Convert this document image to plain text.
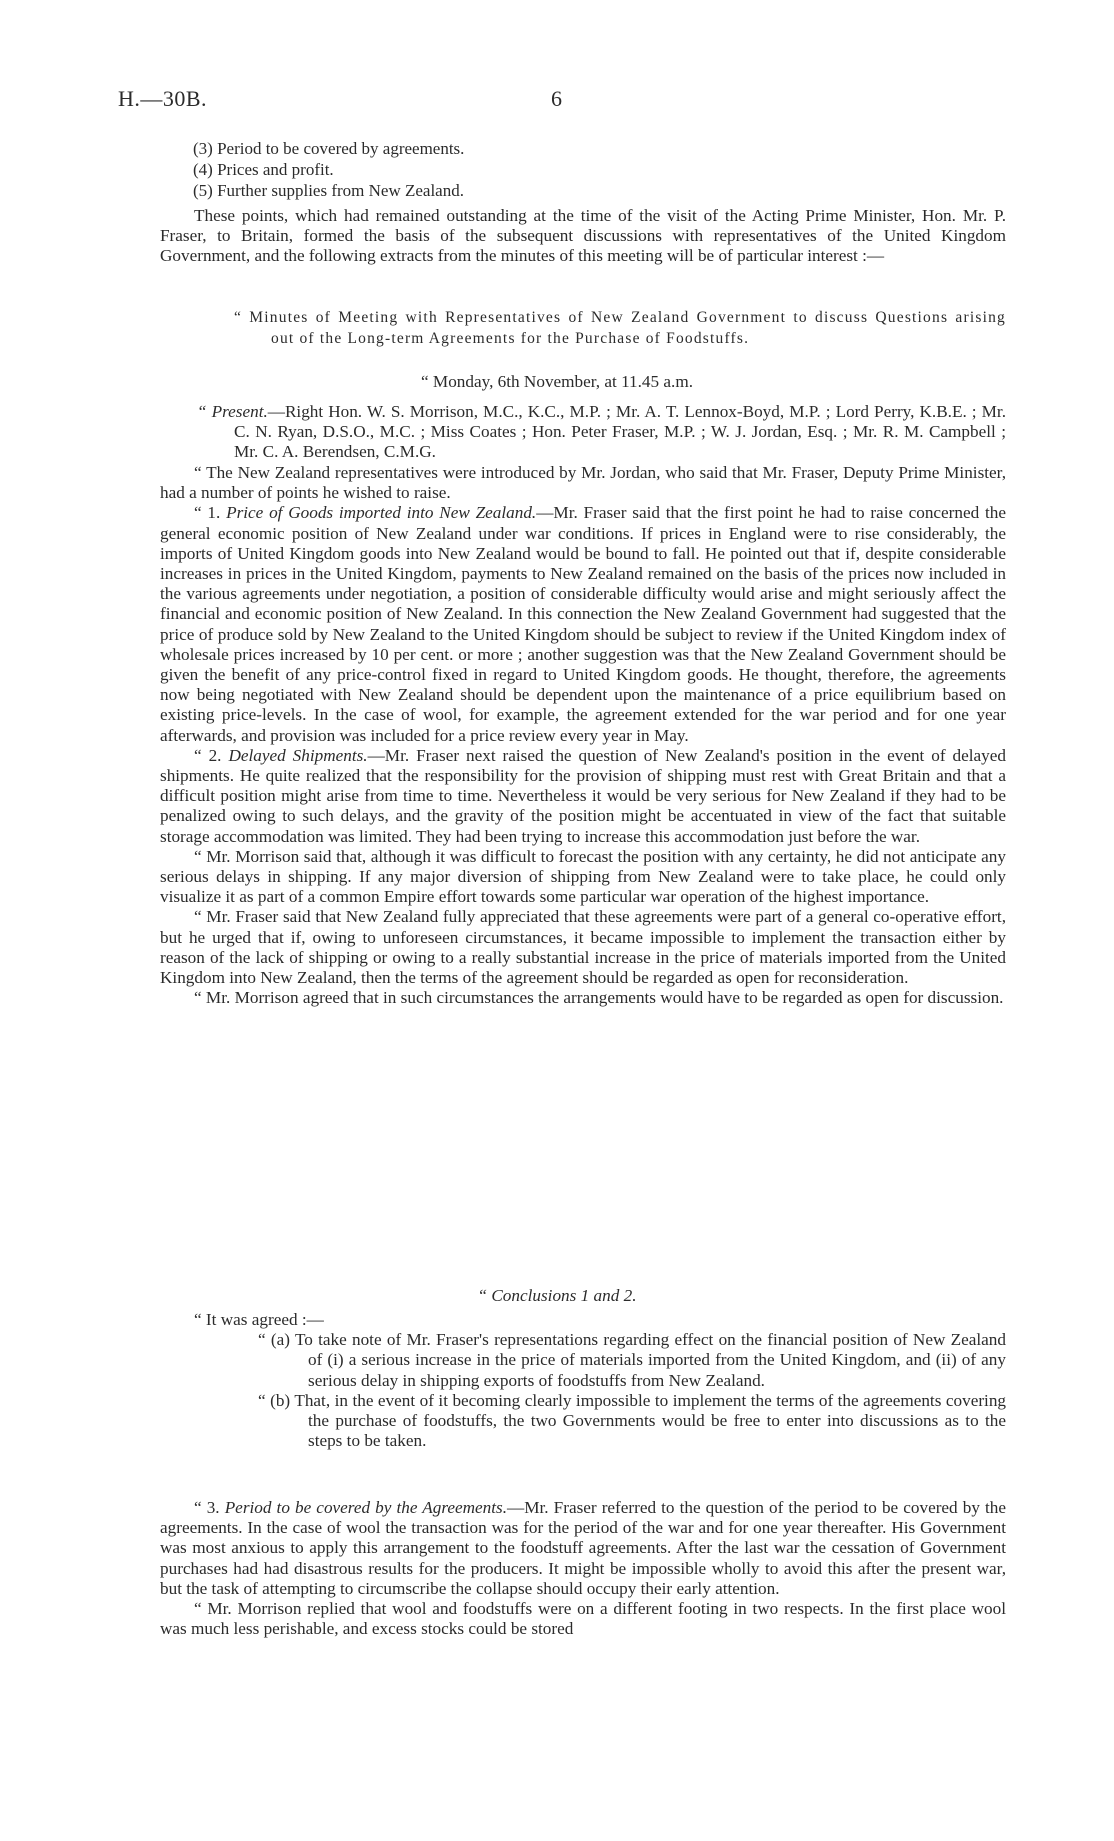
H.—30B.	6
(3) Period to be covered by agreements.
(4) Prices and profit.
(5) Further supplies from New Zealand.

These points, which had remained outstanding at the time of the visit of the Acting Prime Minister, Hon. Mr. P. Fraser, to Britain, formed the basis of the subsequent discussions with representatives of the United Kingdom Government, and the following extracts from the minutes of this meeting will be of particular interest :—

“ Minutes of Meeting with Representatives of New Zealand Government to discuss Questions arising out of the Long-term Agreements for the Purchase of Foodstuffs.

“ Monday, 6th November, at 11.45 a.m.

“ Present.—Right Hon. W. S. Morrison, M.C., K.C., M.P. ; Mr. A. T. Lennox-Boyd, M.P. ; Lord Perry, K.B.E. ; Mr. C. N. Ryan, D.S.O., M.C. ; Miss Coates ; Hon. Peter Fraser, M.P. ; W. J. Jordan, Esq. ; Mr. R. M. Campbell ; Mr. C. A. Berendsen, C.M.G.

“ The New Zealand representatives were introduced by Mr. Jordan, who said that Mr. Fraser, Deputy Prime Minister, had a number of points he wished to raise.

“ 1. Price of Goods imported into New Zealand.—Mr. Fraser said that the first point he had to raise concerned the general economic position of New Zealand under war conditions. If prices in England were to rise considerably, the imports of United Kingdom goods into New Zealand would be bound to fall. He pointed out that if, despite considerable increases in prices in the United Kingdom, payments to New Zealand remained on the basis of the prices now included in the various agreements under negotiation, a position of considerable difficulty would arise and might seriously affect the financial and economic position of New Zealand. In this connection the New Zealand Government had suggested that the price of produce sold by New Zealand to the United Kingdom should be subject to review if the United Kingdom index of wholesale prices increased by 10 per cent. or more ; another suggestion was that the New Zealand Government should be given the benefit of any price-control fixed in regard to United Kingdom goods. He thought, therefore, the agreements now being negotiated with New Zealand should be dependent upon the maintenance of a price equilibrium based on existing price-levels. In the case of wool, for example, the agreement extended for the war period and for one year afterwards, and provision was included for a price review every year in May.

“ 2. Delayed Shipments.—Mr. Fraser next raised the question of New Zealand's position in the event of delayed shipments. He quite realized that the responsibility for the provision of shipping must rest with Great Britain and that a difficult position might arise from time to time. Nevertheless it would be very serious for New Zealand if they had to be penalized owing to such delays, and the gravity of the position might be accentuated in view of the fact that suitable storage accommodation was limited. They had been trying to increase this accommodation just before the war.

“ Mr. Morrison said that, although it was difficult to forecast the position with any certainty, he did not anticipate any serious delays in shipping. If any major diversion of shipping from New Zealand were to take place, he could only visualize it as part of a common Empire effort towards some particular war operation of the highest importance.

“ Mr. Fraser said that New Zealand fully appreciated that these agreements were part of a general co-operative effort, but he urged that if, owing to unforeseen circumstances, it became impossible to implement the transaction either by reason of the lack of shipping or owing to a really substantial increase in the price of materials imported from the United Kingdom into New Zealand, then the terms of the agreement should be regarded as open for reconsideration.

“ Mr. Morrison agreed that in such circumstances the arrangements would have to be regarded as open for discussion.

“ Conclusions 1 and 2.

“ It was agreed :—

“ (a) To take note of Mr. Fraser's representations regarding effect on the financial position of New Zealand of (i) a serious increase in the price of materials imported from the United Kingdom, and (ii) of any serious delay in shipping exports of foodstuffs from New Zealand.

“ (b) That, in the event of it becoming clearly impossible to implement the terms of the agreements covering the purchase of foodstuffs, the two Governments would be free to enter into discussions as to the steps to be taken.

“ 3. Period to be covered by the Agreements.—Mr. Fraser referred to the question of the period to be covered by the agreements. In the case of wool the transaction was for the period of the war and for one year thereafter. His Government was most anxious to apply this arrangement to the foodstuff agreements. After the last war the cessation of Government purchases had had disastrous results for the producers. It might be impossible wholly to avoid this after the present war, but the task of attempting to circumscribe the collapse should occupy their early attention.

“ Mr. Morrison replied that wool and foodstuffs were on a different footing in two respects. In the first place wool was much less perishable, and excess stocks could be stored
